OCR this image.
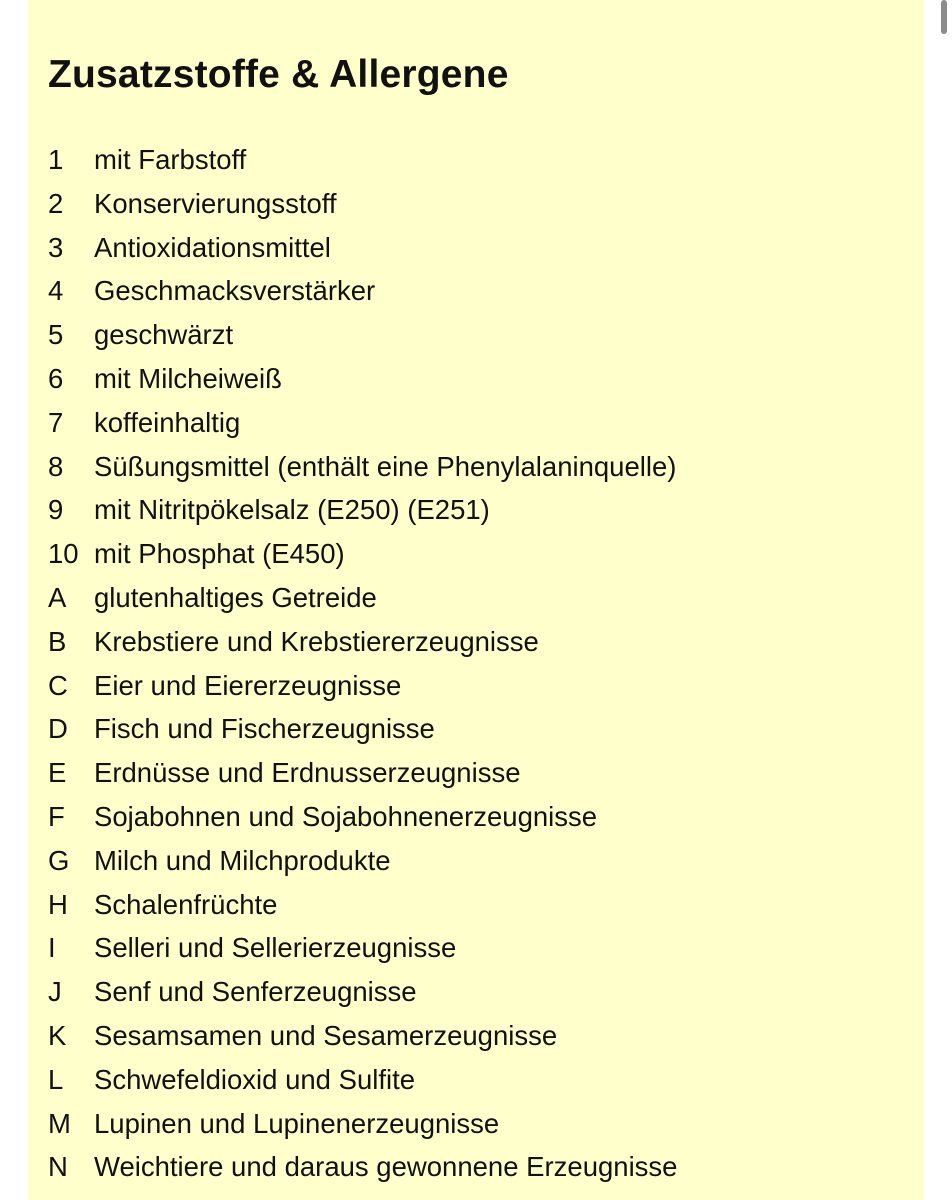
Zusatzstoffe & Allergene
1	mit Farbstoff
2	Konservierungsstoff
3	Antioxidationsmittel
4	Geschmacksverstärker
5	geschwärzt
6	mit Milcheiweiß
7	koffeinhaltig
8	Süßungsmittel (enthält eine Phenylalaninquelle)
9	mit Nitritpökelsalz (E250) (E251)
10 mit Phosphat (E450)
A	glutenhaltiges Getreide
B	Krebstiere und Krebstiererzeugnisse
C Eier und Eiererzeugnisse
D Fisch und Fischerzeugnisse
E	Erdnüsse und Erdnusserzeugnisse
F	Sojabohnen und Sojabohnenerzeugnisse
G Milch und Milchprodukte
H Schalenfrüchte
I	Selleri und Sellerierzeugnisse
J	Senf und Senferzeugnisse
K	Sesamsamen und Sesamerzeugnisse
L	Schwefeldioxid und Sulfite
M Lupinen und Lupinenerzeugnisse
N Weichtiere und daraus gewonnene Erzeugnisse
